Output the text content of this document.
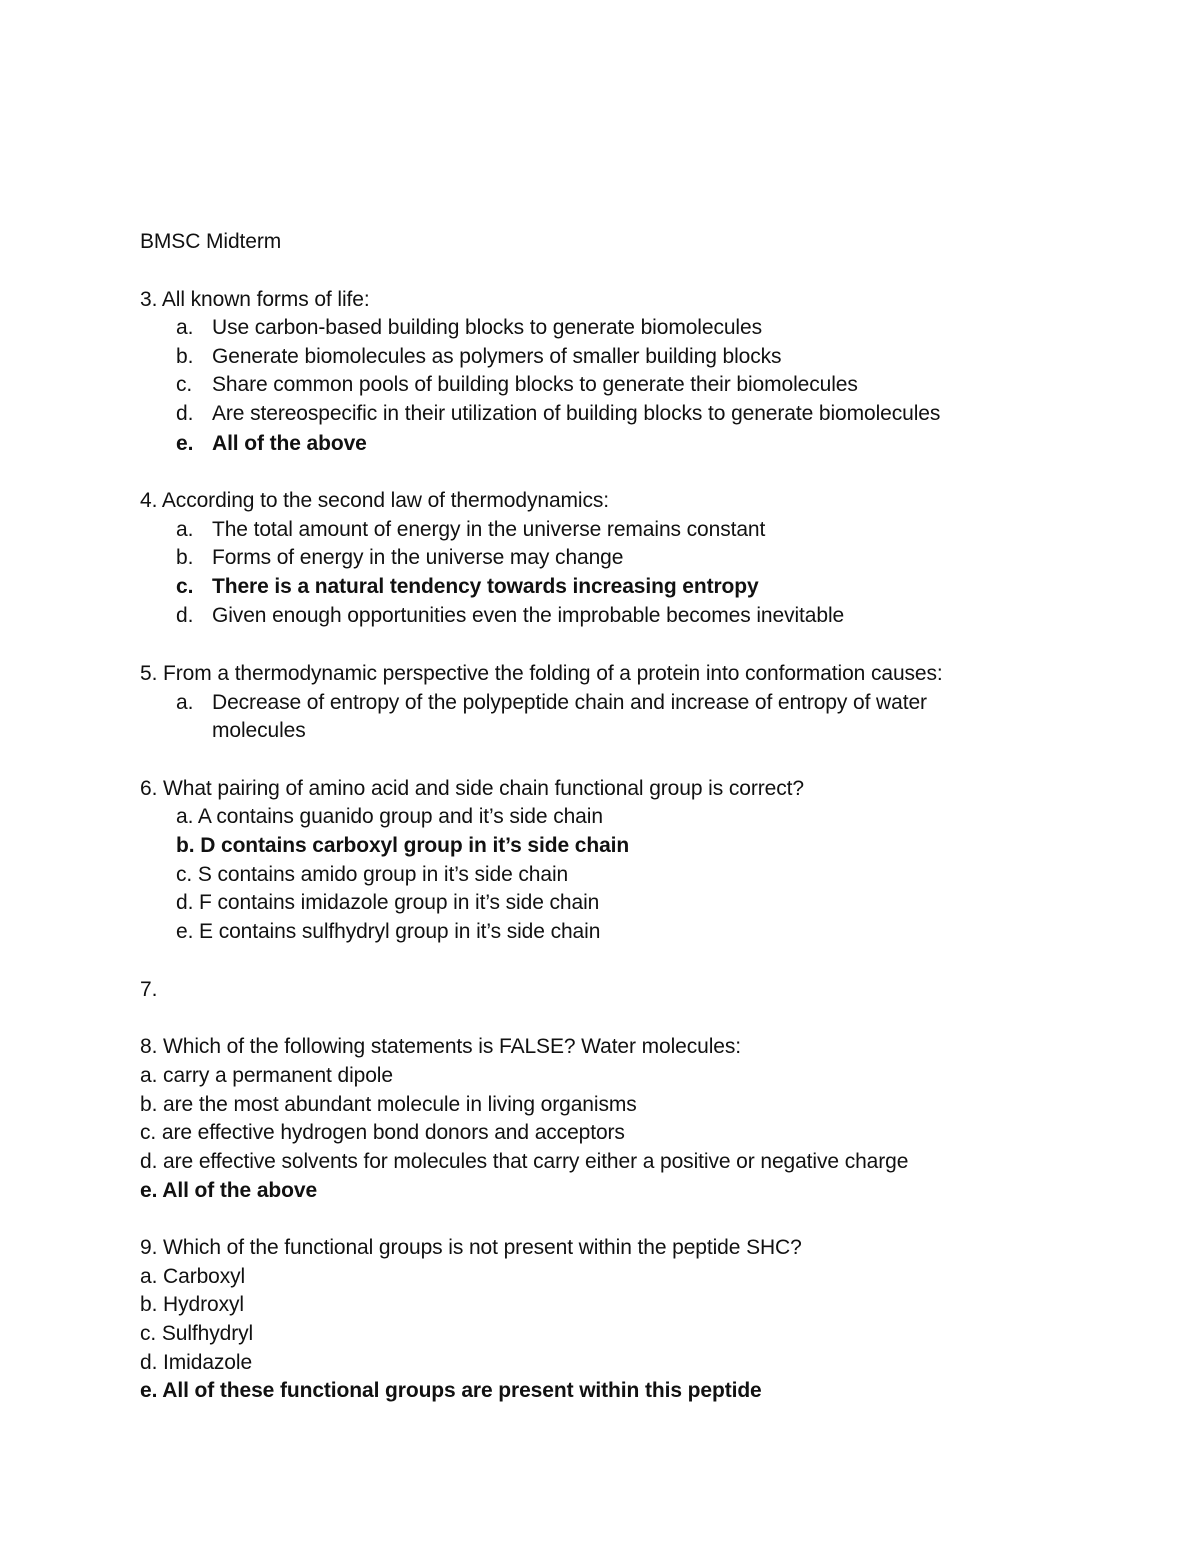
BMSC Midterm
3. All known forms of life:
a. Use carbon-based building blocks to generate biomolecules
b. Generate biomolecules as polymers of smaller building blocks
c. Share common pools of building blocks to generate their biomolecules
d. Are stereospecific in their utilization of building blocks to generate biomolecules
e. All of the above
4. According to the second law of thermodynamics:
a. The total amount of energy in the universe remains constant
b. Forms of energy in the universe may change
c. There is a natural tendency towards increasing entropy
d. Given enough opportunities even the improbable becomes inevitable
5. From a thermodynamic perspective the folding of a protein into conformation causes:
a. Decrease of entropy of the polypeptide chain and increase of entropy of water
molecules
6. What pairing of amino acid and side chain functional group is correct?
a. A contains guanido group and it’s side chain
b. D contains carboxyl group in it’s side chain
c. S contains amido group in it’s side chain
d. F contains imidazole group in it’s side chain
e. E contains sulfhydryl group in it’s side chain
7.
8. Which of the following statements is FALSE? Water molecules:
a. carry a permanent dipole
b. are the most abundant molecule in living organisms
c. are effective hydrogen bond donors and acceptors
d. are effective solvents for molecules that carry either a positive or negative charge
e. All of the above
9. Which of the functional groups is not present within the peptide SHC?
a. Carboxyl
b. Hydroxyl
c. Sulfhydryl
d. Imidazole
e. All of these functional groups are present within this peptide
